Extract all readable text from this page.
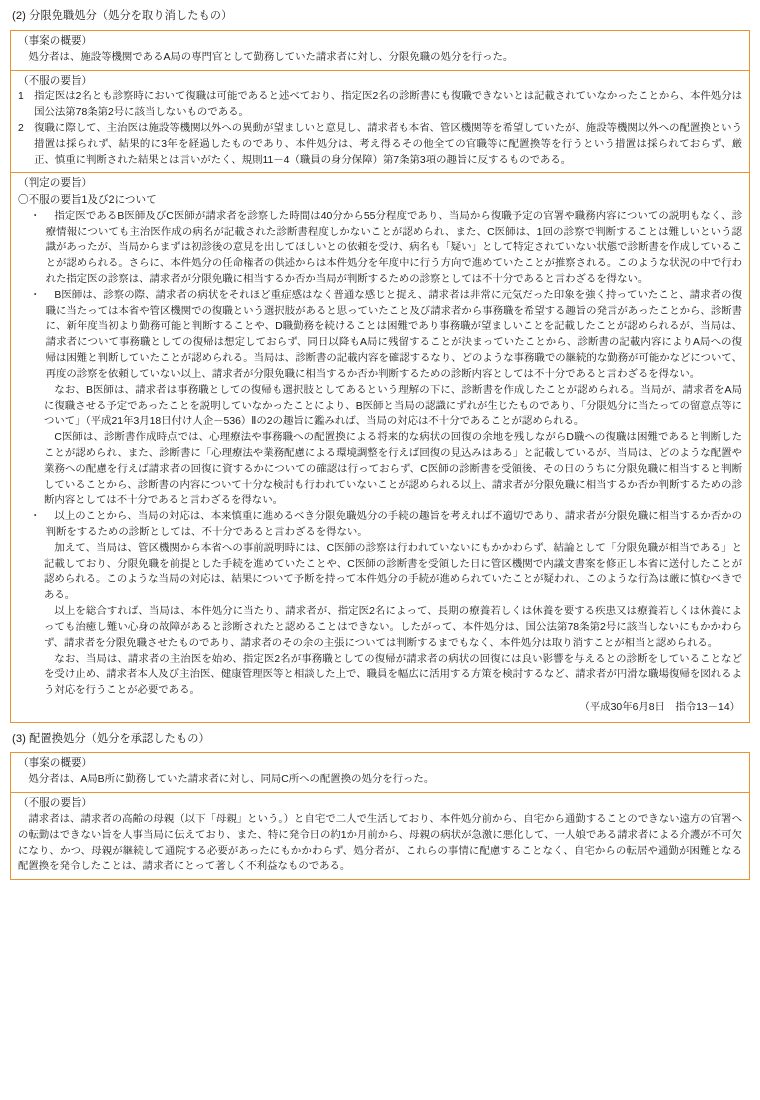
(2) 分限免職処分（処分を取り消したもの）
（事案の概要）

処分者は、施設等機関であるA局の専門官として勤務していた請求者に対し、分限免職の処分を行った。

（不服の要旨）
1 指定医は2名とも診察時において復職は可能であると述べており、指定医2名の診断書にも復職できないとは記載されていなかったことから、本件処分は国公法第78条第2号に該当しないものである。
2 復職に際して、主治医は施設等機関以外への異動が望ましいと意見し、請求者も本省、管区機関等を希望していたが、施設等機関以外への配置換という措置は採られず、結果的に3年を経過したものであり、本件処分は、考え得るその他全ての官職等に配置換等を行うという措置は採られておらず、厳正、慎重に判断された結果とは言いがたく、規則11－4（職員の身分保障）第7条第3項の趣旨に反するものである。
（判定の要旨）
〇不服の要旨1及び2について
・	指定医であるB医師及びC医師が請求者を診察した時間は40分から55分程度であり、当局から復職予定の官署や職務内容についての説明もなく、診療情報についても主治医作成の病名が記載された診断書程度しかないことが認められ、また、C医師は、1回の診察で判断することは難しいという認識があったが、当局からまずは初診後の意見を出してほしいとの依頼を受け、病名も「疑い」として特定されていない状態で診断書を作成していることが認められる。さらに、本件処分の任命権者の供述からは本件処分を年度中に行う方向で進めていたことが推察される。このような状況の中で行われた指定医の診察は、請求者が分限免職に相当するか否か当局が判断するための診察としては不十分であると言わざるを得ない。
・	B医師は、診察の際、請求者の病状をそれほど重症感はなく普通な感じと捉え、請求者は非常に元気だった印象を強く持っていたこと、請求者の復職に当たっては本省や管区機関での復職という選択肢があると思っていたこと及び請求者から事務職を希望する趣旨の発言があったことから、診断書に、新年度当初より勤務可能と判断することや、D職勤務を続けることは困難であり事務職が望ましいことを記載したことが認められるが、当局は、請求者について事務職としての復帰は想定しておらず、同日以降もA局に残留することが決まっていたことから、診断書の記載内容によりA局への復帰は困難と判断していたことが認められる。当局は、診断書の記載内容を確認するなり、どのような事務職での継続的な勤務が可能かなどについて、再度の診察を依頼していない以上、請求者が分限免職に相当するか否か判断するための診断内容としては不十分であると言わざるを得ない。

なお、B医師は、請求者は事務職としての復帰も選択肢としてあるという理解の下に、診断書を作成したことが認められる。当局が、請求者をA局に復職させる予定であったことを説明していなかったことにより、B医師と当局の認識にずれが生じたものであり、「分限処分に当たっての留意点等について」（平成21年3月18日付け人企－536）Ⅱの2の趣旨に鑑みれば、当局の対応は不十分であることが認められる。

C医師は、診断書作成時点では、心理療法や事務職への配置換による将来的な病状の回復の余地を残しながらD職への復職は困難であると判断したことが認められ、また、診断書に「心理療法や業務配慮による環境調整を行えば回復の見込みはある」と記載しているが、当局は、どのような配置や業務への配慮を行えば請求者の回復に資するかについての確認は行っておらず、C医師の診断書を受領後、その日のうちに分限免職に相当すると判断していることから、診断書の内容について十分な検討も行われていないことが認められる以上、請求者が分限免職に相当するか否か判断するための診断内容としては不十分であると言わざるを得ない。

・	以上のことから、当局の対応は、本来慎重に進めるべき分限免職処分の手続の趣旨を考えれば不適切であり、請求者が分限免職に相当するか否かの判断をするための診断としては、不十分であると言わざるを得ない。

加えて、当局は、管区機関から本省への事前説明時には、C医師の診察は行われていないにもかかわらず、結論として「分限免職が相当である」と記載しており、分限免職を前提とした手続を進めていたことや、C医師の診断書を受領した日に管区機関で内議文書案を修正し本省に送付したことが認められる。このような当局の対応は、結果について予断を持って本件処分の手続が進められていたことが疑われ、このような行為は厳に慎むべきである。

以上を総合すれば、当局は、本件処分に当たり、請求者が、指定医2名によって、長期の療養若しくは休養を要する疾患又は療養若しくは休養によっても治癒し難い心身の故障があると診断されたと認めることはできない。したがって、本件処分は、国公法第78条第2号に該当しないにもかかわらず、請求者を分限免職させたものであり、請求者のその余の主張については判断するまでもなく、本件処分は取り消すことが相当と認められる。

なお、当局は、請求者の主治医を始め、指定医2名が事務職としての復帰が請求者の病状の回復には良い影響を与えるとの診断をしていることなどを受け止め、請求者本人及び主治医、健康管理医等と相談した上で、職員を幅広に活用する方策を検討するなど、請求者が円滑な職場復帰を図れるよう対応を行うことが必要である。

（平成30年6月8日　指令13－14）

(3) 配置換処分（処分を承認したもの）
（事案の概要）

処分者は、A局B所に勤務していた請求者に対し、同局C所への配置換の処分を行った。

（不服の要旨）

請求者は、請求者の高齢の母親（以下「母親」という。）と自宅で二人で生活しており、本件処分前から、自宅から通勤することのできない遠方の官署への転勤はできない旨を人事当局に伝えており、また、特に発令日の約1か月前から、母親の病状が急激に悪化して、一人娘である請求者による介護が不可欠になり、かつ、母親が継続して通院する必要があったにもかかわらず、処分者が、これらの事情に配慮することなく、自宅からの転居や通勤が困難となる配置換を発令したことは、請求者にとって著しく不利益なものである。
